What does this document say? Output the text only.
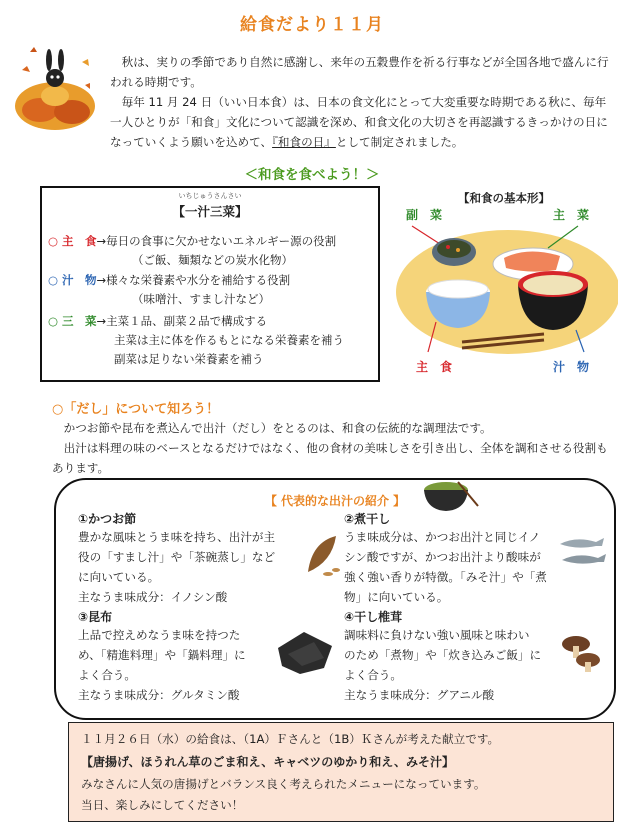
給食だより１１月

秋は、実りの季節であり自然に感謝し、来年の五穀豊作を祈る行事などが全国各地で盛んに行われる時期です。

毎年 11 月 24 日（いい日本食）は、日本の食文化にとって大変重要な時期である秋に、毎年一人ひとりが「和食」文化について認識を深め、和食文化の大切さを再認識するきっかけの日になっていくよう願いを込めて、『和食の日』として制定されました。

＜和食を食べよう！＞
いちじゅうさんさい
【一汁三菜】
○ 主　食→毎日の食事に欠かせないエネルギー源の役割
（ご飯、麺類などの炭水化物）
○ 汁　物→様々な栄養素や水分を補給する役割
（味噌汁、すまし汁など）
○ 三　菜→主菜１品、副菜２品で構成する
主菜は主に体を作るもとになる栄養素を補う
副菜は足りない栄養素を補う
【和食の基本形】
副　菜	主　菜
主　食	汁　物
○「だし」について知ろう！

かつお節や昆布を煮込んで出汁（だし）をとるのは、和食の伝統的な調理法です。

出汁は料理の味のベースとなるだけではなく、他の食材の美味しさを引き出し、全体を調和させる役割もあります。

【 代表的な出汁の紹介 】
①かつお節
豊かな風味とうま味を持ち、出汁が主
役の「すまし汁」や「茶碗蒸し」など
に向いている。
主なうま味成分：イノシン酸
③昆布
上品で控えめなうま味を持つた
め、「精進料理」や「鍋料理」に
よく合う。
主なうま味成分：グルタミン酸
②煮干し
うま味成分は、かつお出汁と同じイノ
シン酸ですが、かつお出汁より酸味が
強く強い香りが特徴。「みそ汁」や「煮
物」に向いている。
④干し椎茸
調味料に負けない強い風味と味わい
のため「煮物」や「炊き込みご飯」に
よく合う。
主なうま味成分：グアニル酸
１１月２６日（水）の給食は、（1A）Ｆさんと（1B）Ｋさんが考えた献立です。
【唐揚げ、ほうれん草のごま和え、キャベツのゆかり和え、みそ汁】
みなさんに人気の唐揚げとバランス良く考えられたメニューになっています。
当日、楽しみにしてください！
